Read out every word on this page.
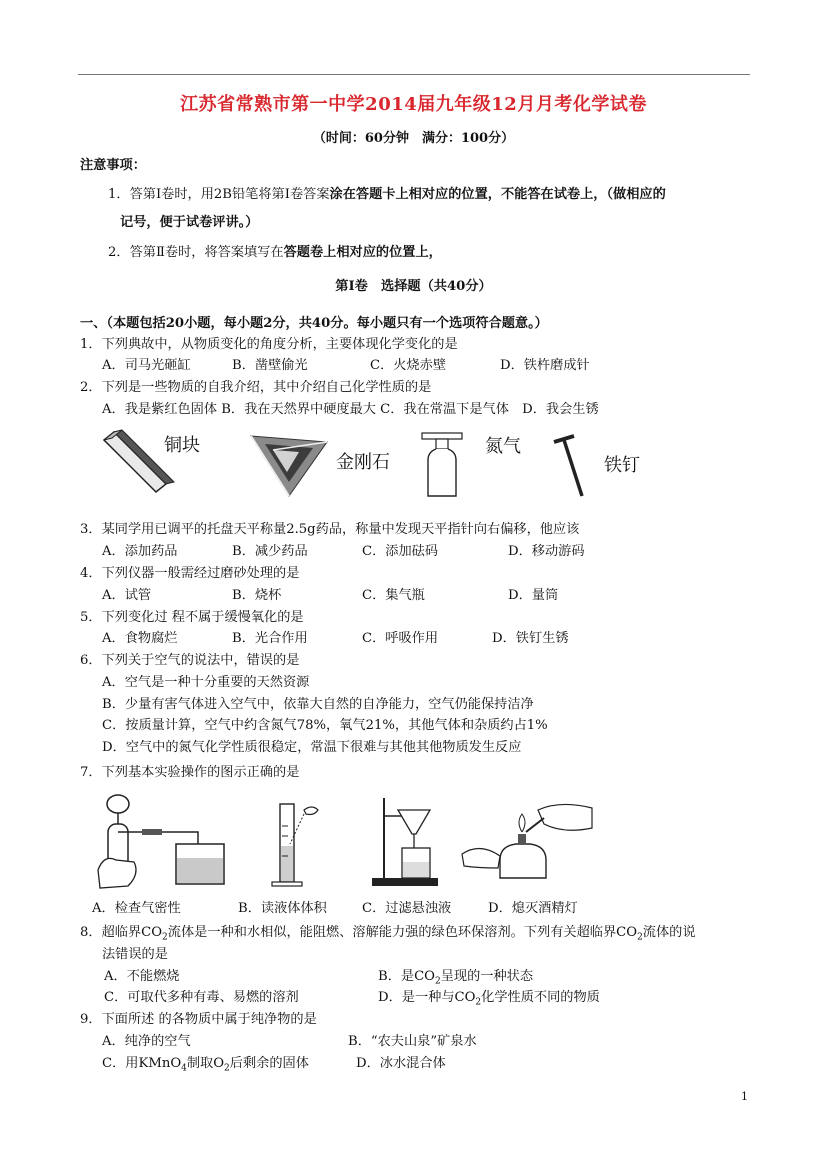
江苏省常熟市第一中学2014届九年级12月月考化学试卷
（时间：60分钟　满分：100分）
注意事项：
1．答第Ⅰ卷时，用2B铅笔将第Ⅰ卷答案涂在答题卡上相对应的位置，不能答在试卷上，（做相应的
记号，便于试卷评讲。）
2．答第Ⅱ卷时，将答案填写在答题卷上相对应的位置上，
第Ⅰ卷　选择题（共40分）
一、（本题包括20小题，每小题2分，共40分。每小题只有一个选项符合题意。）
1．下列典故中，从物质变化的角度分析，主要体现化学变化的是
A．司马光砸缸	B．凿壁偷光	C．火烧赤壁	D．铁杵磨成针
2．下列是一些物质的自我介绍，其中介绍自己化学性质的是
A．我是紫红色固体 B．我在天然界中硬度最大 C．我在常温下是气体　D．我会生锈
铜块
金刚石
氮气
铁钉
3．某同学用已调平的托盘天平称量2.5g药品，称量中发现天平指针向右偏移，他应该
A．添加药品	B．减少药品	C．添加砝码	D．移动游码
4．下列仪器一般需经过磨砂处理的是
A．试管	B．烧杯	C．集气瓶	D．量筒
5．下列变化过 程不属于缓慢氧化的是
A．食物腐烂	B．光合作用	C．呼吸作用	D．铁钉生锈
6．下列关于空气的说法中，错误的是
A．空气是一种十分重要的天然资源
B．少量有害气体进入空气中，依靠大自然的自净能力，空气仍能保持洁净
C．按质量计算，空气中约含氮气78%，氧气21%，其他气体和杂质约占1%
D．空气中的氮气化学性质很稳定，常温下很难与其他其他物质发生反应
7．下列基本实验操作的图示正确的是
A．检查气密性	B．读液体体积	C．过滤悬浊液	D．熄灭酒精灯
8．超临界$CO_2$流体是一种和水相似，能阻燃、溶解能力强的绿色环保溶剂。下列有关超临界$CO_2$流体的说
法错误的是
A．不能燃烧	B．是$CO_2$呈现的一种状态
C．可取代多种有毒、易燃的溶剂	D．是一种与$CO_2$化学性质不同的物质
9．下面所述 的各物质中属于纯净物的是
A．纯净的空气	B．“农夫山泉”矿泉水
C．用KMnO$_4$制取$O_2$后剩余的固体	D．冰水混合体
1
